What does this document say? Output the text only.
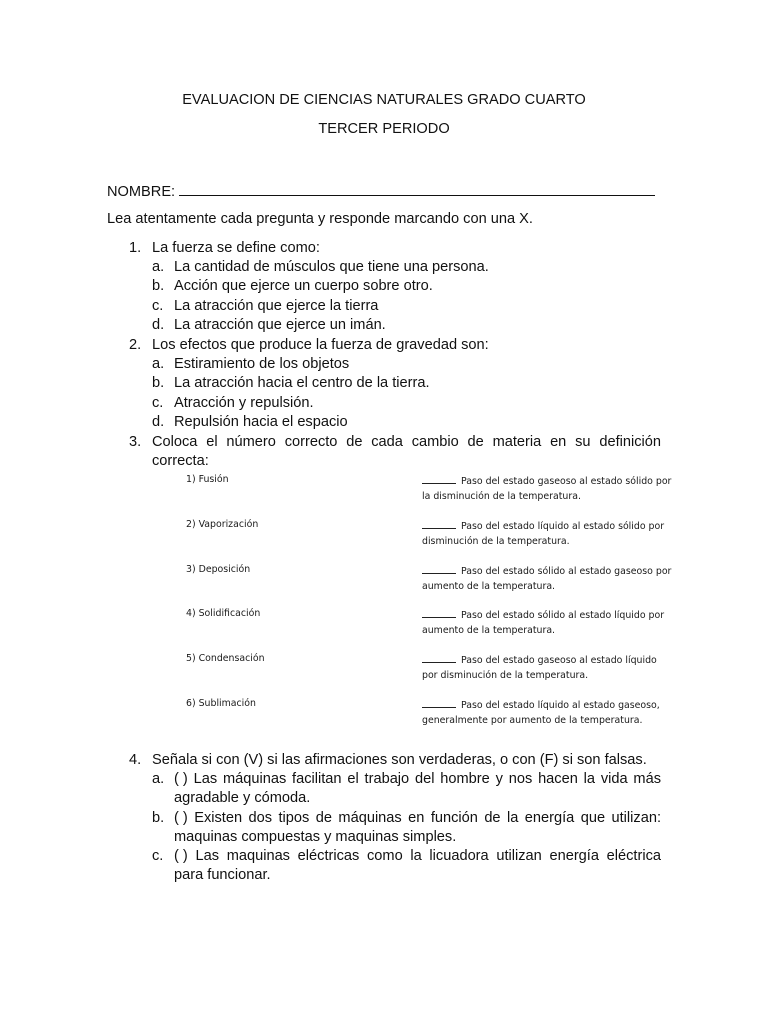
EVALUACION DE CIENCIAS NATURALES GRADO CUARTO
TERCER PERIODO
NOMBRE:
Lea atentamente cada pregunta y responde marcando con una X.
1. La fuerza se define como:
a. La cantidad de músculos que tiene una persona.
b. Acción que ejerce un cuerpo sobre otro.
c. La atracción que ejerce la tierra
d. La atracción que ejerce un imán.
2. Los efectos que produce la fuerza de gravedad son:
a. Estiramiento de los objetos
b. La atracción hacia el centro de la tierra.
c. Atracción y repulsión.
d. Repulsión hacia el espacio
3. Coloca el número correcto de cada cambio de materia en su definición correcta:
1) Fusión	Paso del estado gaseoso al estado sólido por la disminución de la temperatura.
2) Vaporización	Paso del estado líquido al estado sólido por disminución de la temperatura.
3) Deposición	Paso del estado sólido al estado gaseoso por aumento de la temperatura.
4) Solidificación	Paso del estado sólido al estado líquido por aumento de la temperatura.
5) Condensación	Paso del estado gaseoso al estado líquido por disminución de la temperatura.
6) Sublimación	Paso del estado líquido al estado gaseoso, generalmente por aumento de la temperatura.
4. Señala si con (V) si las afirmaciones son verdaderas, o con (F) si son falsas.
a. ( ) Las máquinas facilitan el trabajo del hombre y nos hacen la vida más agradable y cómoda.
b. ( ) Existen dos tipos de máquinas en función de la energía que utilizan: maquinas compuestas y maquinas simples.
c. ( ) Las maquinas eléctricas como la licuadora utilizan energía eléctrica para funcionar.
